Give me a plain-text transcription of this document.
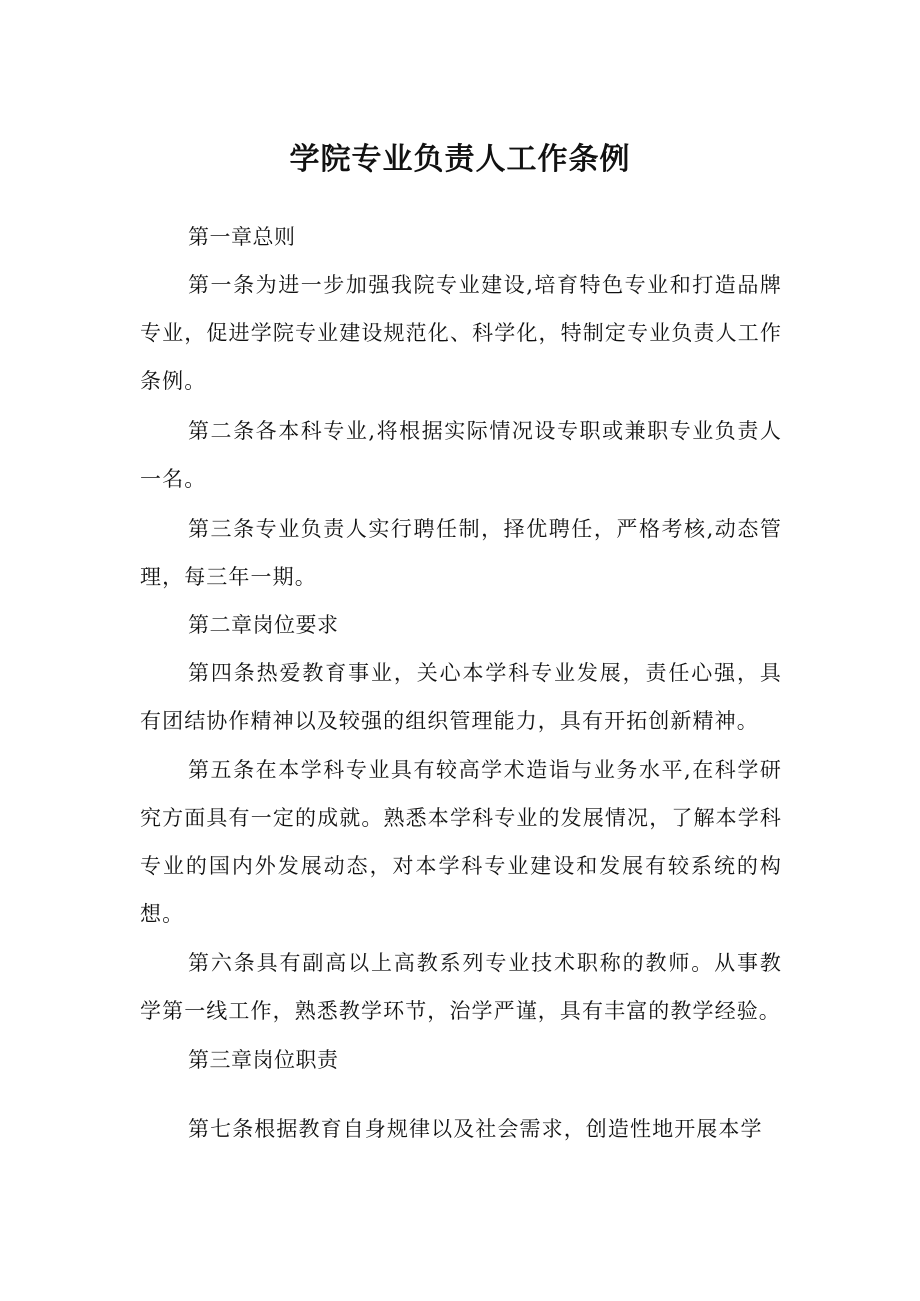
学院专业负责人工作条例

第一章总则

第一条为进一步加强我院专业建设,培育特色专业和打造品牌专业，促进学院专业建设规范化、科学化，特制定专业负责人工作条例。

第二条各本科专业,将根据实际情况设专职或兼职专业负责人一名。

第三条专业负责人实行聘任制，择优聘任，严格考核,动态管理，每三年一期。

第二章岗位要求

第四条热爱教育事业，关心本学科专业发展，责任心强，具有团结协作精神以及较强的组织管理能力，具有开拓创新精神。

第五条在本学科专业具有较高学术造诣与业务水平,在科学研究方面具有一定的成就。熟悉本学科专业的发展情况，了解本学科专业的国内外发展动态，对本学科专业建设和发展有较系统的构想。

第六条具有副高以上高教系列专业技术职称的教师。从事教学第一线工作，熟悉教学环节，治学严谨，具有丰富的教学经验。

第三章岗位职责

第七条根据教育自身规律以及社会需求，创造性地开展本学
